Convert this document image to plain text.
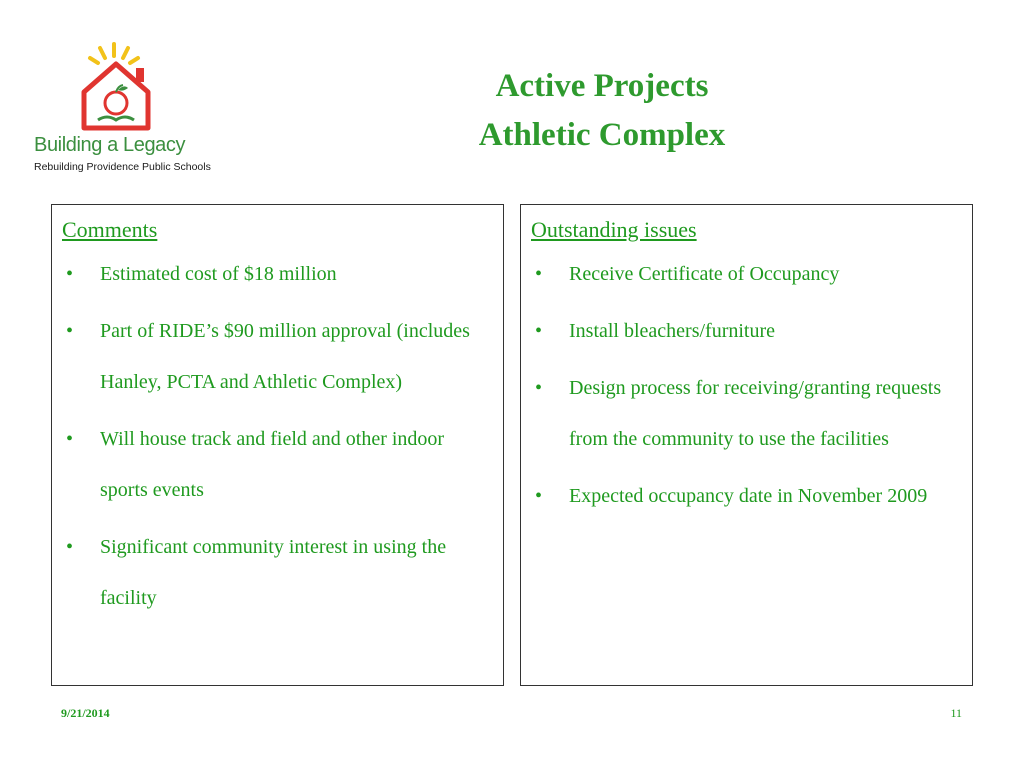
Building a Legacy
Rebuilding Providence Public Schools
Active Projects
Athletic Complex
Comments
• Estimated cost of $18 million
• Part of RIDE’s $90 million approval (includes Hanley, PCTA and Athletic Complex)
• Will house track and field and other indoor sports events
• Significant community interest in using the facility
Outstanding issues
• Receive Certificate of Occupancy
• Install bleachers/furniture
• Design process for receiving/granting requests from the community to use the facilities
• Expected occupancy date in November 2009
9/21/2014	11
